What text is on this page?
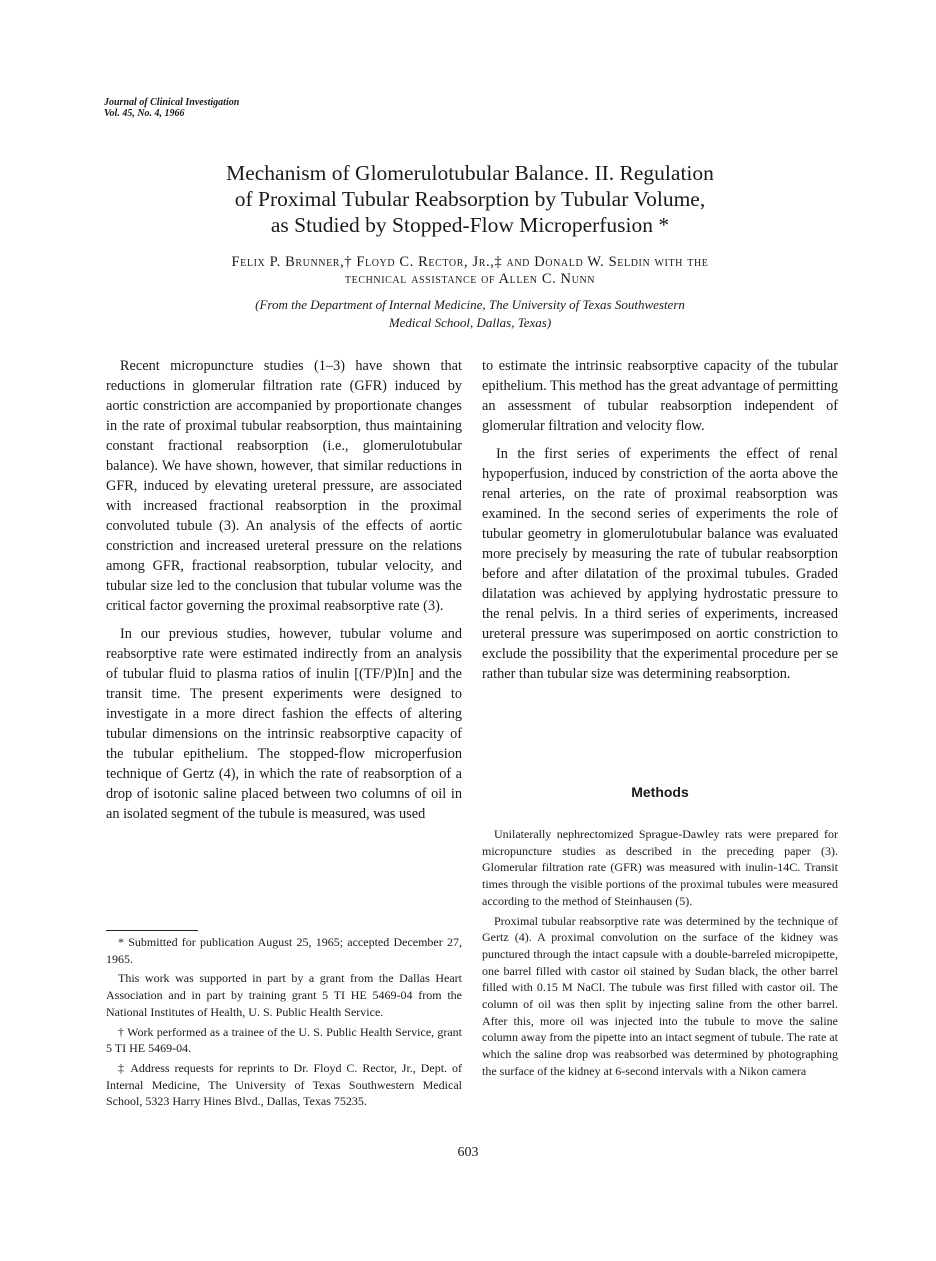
Journal of Clinical Investigation
Vol. 45, No. 4, 1966
Mechanism of Glomerulotubular Balance. II. Regulation
of Proximal Tubular Reabsorption by Tubular Volume,
as Studied by Stopped-Flow Microperfusion *
Felix P. Brunner,† Floyd C. Rector, Jr.,‡ and Donald W. Seldin with the
technical assistance of Allen C. Nunn
(From the Department of Internal Medicine, The University of Texas Southwestern
Medical School, Dallas, Texas)

Recent micropuncture studies (1–3) have shown that reductions in glomerular filtration rate (GFR) induced by aortic constriction are accompanied by proportionate changes in the rate of proximal tubular reabsorption, thus maintaining constant fractional reabsorption (i.e., glomerulotubular balance). We have shown, however, that similar reductions in GFR, induced by elevating ureteral pressure, are associated with increased fractional reabsorption in the proximal convoluted tubule (3). An analysis of the effects of aortic constriction and increased ureteral pressure on the relations among GFR, fractional reabsorption, tubular velocity, and tubular size led to the conclusion that tubular volume was the critical factor governing the proximal reabsorptive rate (3).

In our previous studies, however, tubular volume and reabsorptive rate were estimated indirectly from an analysis of tubular fluid to plasma ratios of inulin [(TF/P)In] and the transit time. The present experiments were designed to investigate in a more direct fashion the effects of altering tubular dimensions on the intrinsic reabsorptive capacity of the tubular epithelium. The stopped-flow microperfusion technique of Gertz (4), in which the rate of reabsorption of a drop of isotonic saline placed between two columns of oil in an isolated segment of the tubule is measured, was used

* Submitted for publication August 25, 1965; accepted December 27, 1965.

This work was supported in part by a grant from the Dallas Heart Association and in part by training grant 5 TI HE 5469-04 from the National Institutes of Health, U. S. Public Health Service.

† Work performed as a trainee of the U. S. Public Health Service, grant 5 TI HE 5469-04.

‡ Address requests for reprints to Dr. Floyd C. Rector, Jr., Dept. of Internal Medicine, The University of Texas Southwestern Medical School, 5323 Harry Hines Blvd., Dallas, Texas 75235.

to estimate the intrinsic reabsorptive capacity of the tubular epithelium. This method has the great advantage of permitting an assessment of tubular reabsorption independent of glomerular filtration and velocity flow.

In the first series of experiments the effect of renal hypoperfusion, induced by constriction of the aorta above the renal arteries, on the rate of proximal reabsorption was examined. In the second series of experiments the role of tubular geometry in glomerulotubular balance was evaluated more precisely by measuring the rate of tubular reabsorption before and after dilatation of the proximal tubules. Graded dilatation was achieved by applying hydrostatic pressure to the renal pelvis. In a third series of experiments, increased ureteral pressure was superimposed on aortic constriction to exclude the possibility that the experimental procedure per se rather than tubular size was determining reabsorption.

Methods

Unilaterally nephrectomized Sprague-Dawley rats were prepared for micropuncture studies as described in the preceding paper (3). Glomerular filtration rate (GFR) was measured with inulin-14C. Transit times through the visible portions of the proximal tubules were measured according to the method of Steinhausen (5).

Proximal tubular reabsorptive rate was determined by the technique of Gertz (4). A proximal convolution on the surface of the kidney was punctured through the intact capsule with a double-barreled micropipette, one barrel filled with castor oil stained by Sudan black, the other barrel filled with 0.15 M NaCl. The tubule was first filled with castor oil. The column of oil was then split by injecting saline from the other barrel. After this, more oil was injected into the tubule to move the saline column away from the pipette into an intact segment of tubule. The rate at which the saline drop was reabsorbed was determined by photographing the surface of the kidney at 6-second intervals with a Nikon camera

603
